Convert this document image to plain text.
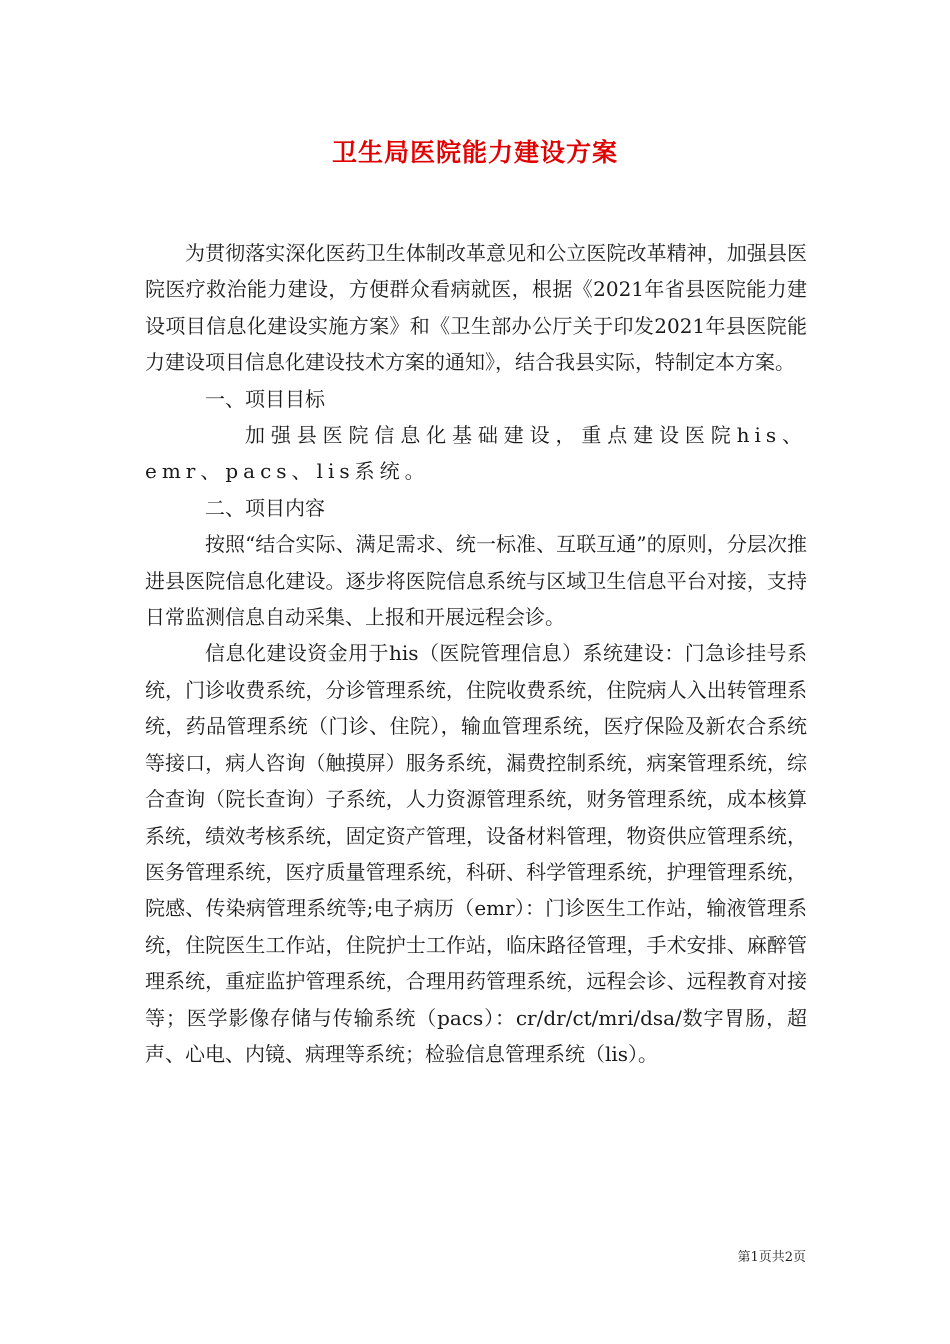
卫生局医院能力建设方案

为贯彻落实深化医药卫生体制改革意见和公立医院改革精神，加强县医院医疗救治能力建设，方便群众看病就医，根据《2021年省县医院能力建设项目信息化建设实施方案》和《卫生部办公厅关于印发2021年县医院能力建设项目信息化建设技术方案的通知》，结合我县实际，特制定本方案。

一、项目目标

加强县医院信息化基础建设，重点建设医院his、emr、pacs、lis系统。

二、项目内容

按照“结合实际、满足需求、统一标准、互联互通”的原则，分层次推进县医院信息化建设。逐步将医院信息系统与区域卫生信息平台对接，支持日常监测信息自动采集、上报和开展远程会诊。

信息化建设资金用于his（医院管理信息）系统建设：门急诊挂号系统，门诊收费系统，分诊管理系统，住院收费系统，住院病人入出转管理系统，药品管理系统（门诊、住院），输血管理系统，医疗保险及新农合系统等接口，病人咨询（触摸屏）服务系统，漏费控制系统，病案管理系统，综合查询（院长查询）子系统，人力资源管理系统，财务管理系统，成本核算系统，绩效考核系统，固定资产管理，设备材料管理，物资供应管理系统，医务管理系统，医疗质量管理系统，科研、科学管理系统，护理管理系统，院感、传染病管理系统等;电子病历（emr）：门诊医生工作站，输液管理系统，住院医生工作站，住院护士工作站，临床路径管理，手术安排、麻醉管理系统，重症监护管理系统，合理用药管理系统，远程会诊、远程教育对接等；医学影像存储与传输系统（pacs）：cr/dr/ct/mri/dsa/数字胃肠，超声、心电、内镜、病理等系统；检验信息管理系统（lis）。

第1页共2页
